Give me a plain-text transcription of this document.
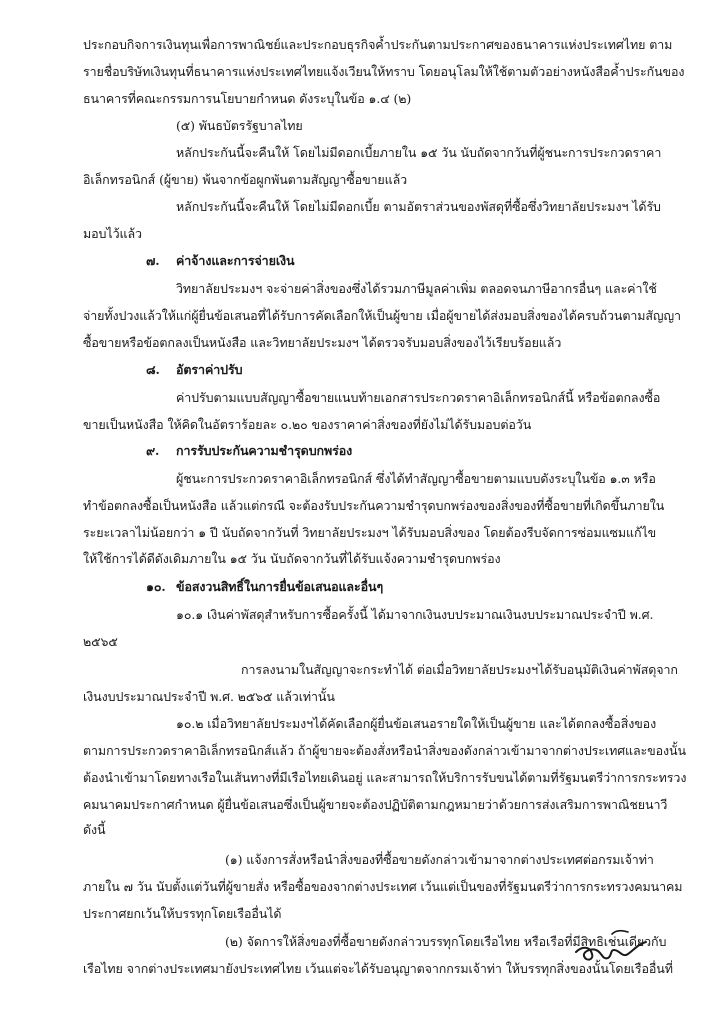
ประกอบกิจการเงินทุนเพื่อการพาณิชย์และประกอบธุรกิจค้ำประกันตามประกาศของธนาคารแห่งประเทศไทย ตาม
รายชื่อบริษัทเงินทุนที่ธนาคารแห่งประเทศไทยแจ้งเวียนให้ทราบ โดยอนุโลมให้ใช้ตามตัวอย่างหนังสือค้ำประกันของ
ธนาคารที่คณะกรรมการนโยบายกำหนด ดังระบุในข้อ ๑.๔ (๒)
(๕) พันธบัตรรัฐบาลไทย
หลักประกันนี้จะคืนให้ โดยไม่มีดอกเบี้ยภายใน ๑๕ วัน นับถัดจากวันที่ผู้ชนะการประกวดราคา
อิเล็กทรอนิกส์ (ผู้ขาย) พ้นจากข้อผูกพันตามสัญญาซื้อขายแล้ว
หลักประกันนี้จะคืนให้ โดยไม่มีดอกเบี้ย ตามอัตราส่วนของพัสดุที่ซื้อซึ่งวิทยาลัยประมงฯ ได้รับ
มอบไว้แล้ว
๗. ค่าจ้างและการจ่ายเงิน
วิทยาลัยประมงฯ จะจ่ายค่าสิ่งของซึ่งได้รวมภาษีมูลค่าเพิ่ม ตลอดจนภาษีอากรอื่นๆ และค่าใช้
จ่ายทั้งปวงแล้วให้แก่ผู้ยื่นข้อเสนอที่ได้รับการคัดเลือกให้เป็นผู้ขาย เมื่อผู้ขายได้ส่งมอบสิ่งของได้ครบถ้วนตามสัญญา
ซื้อขายหรือข้อตกลงเป็นหนังสือ และวิทยาลัยประมงฯ ได้ตรวจรับมอบสิ่งของไว้เรียบร้อยแล้ว
๘. อัตราค่าปรับ
ค่าปรับตามแบบสัญญาซื้อขายแนบท้ายเอกสารประกวดราคาอิเล็กทรอนิกส์นี้ หรือข้อตกลงซื้อ
ขายเป็นหนังสือ ให้คิดในอัตราร้อยละ ๐.๒๐ ของราคาค่าสิ่งของที่ยังไม่ได้รับมอบต่อวัน
๙. การรับประกันความชำรุดบกพร่อง
ผู้ชนะการประกวดราคาอิเล็กทรอนิกส์ ซึ่งได้ทำสัญญาซื้อขายตามแบบดังระบุในข้อ ๑.๓ หรือ
ทำข้อตกลงซื้อเป็นหนังสือ แล้วแต่กรณี จะต้องรับประกันความชำรุดบกพร่องของสิ่งของที่ซื้อขายที่เกิดขึ้นภายใน
ระยะเวลาไม่น้อยกว่า ๑ ปี นับถัดจากวันที่ วิทยาลัยประมงฯ ได้รับมอบสิ่งของ โดยต้องรีบจัดการซ่อมแซมแก้ไข
ให้ใช้การได้ดีดังเดิมภายใน ๑๕ วัน นับถัดจากวันที่ได้รับแจ้งความชำรุดบกพร่อง
๑๐. ข้อสงวนสิทธิ์ในการยื่นข้อเสนอและอื่นๆ
๑๐.๑ เงินค่าพัสดุสำหรับการซื้อครั้งนี้ ได้มาจากเงินงบประมาณเงินงบประมาณประจำปี พ.ศ.
๒๕๖๕
การลงนามในสัญญาจะกระทำได้ ต่อเมื่อวิทยาลัยประมงฯได้รับอนุมัติเงินค่าพัสดุจาก
เงินงบประมาณประจำปี พ.ศ. ๒๕๖๕ แล้วเท่านั้น
๑๐.๒ เมื่อวิทยาลัยประมงฯได้คัดเลือกผู้ยื่นข้อเสนอรายใดให้เป็นผู้ขาย และได้ตกลงซื้อสิ่งของ
ตามการประกวดราคาอิเล็กทรอนิกส์แล้ว ถ้าผู้ขายจะต้องสั่งหรือนำสิ่งของดังกล่าวเข้ามาจากต่างประเทศและของนั้น
ต้องนำเข้ามาโดยทางเรือในเส้นทางที่มีเรือไทยเดินอยู่ และสามารถให้บริการรับขนได้ตามที่รัฐมนตรีว่าการกระทรวง
คมนาคมประกาศกำหนด ผู้ยื่นข้อเสนอซึ่งเป็นผู้ขายจะต้องปฏิบัติตามกฎหมายว่าด้วยการส่งเสริมการพาณิชยนาวี
ดังนี้
(๑) แจ้งการสั่งหรือนำสิ่งของที่ซื้อขายดังกล่าวเข้ามาจากต่างประเทศต่อกรมเจ้าท่า
ภายใน ๗ วัน นับตั้งแต่วันที่ผู้ขายสั่ง หรือซื้อของจากต่างประเทศ เว้นแต่เป็นของที่รัฐมนตรีว่าการกระทรวงคมนาคม
ประกาศยกเว้นให้บรรทุกโดยเรืออื่นได้
(๒) จัดการให้สิ่งของที่ซื้อขายดังกล่าวบรรทุกโดยเรือไทย หรือเรือที่มีสิทธิเช่นเดียวกับ
เรือไทย จากต่างประเทศมายังประเทศไทย เว้นแต่จะได้รับอนุญาตจากกรมเจ้าท่า ให้บรรทุกสิ่งของนั้นโดยเรืออื่นที่
